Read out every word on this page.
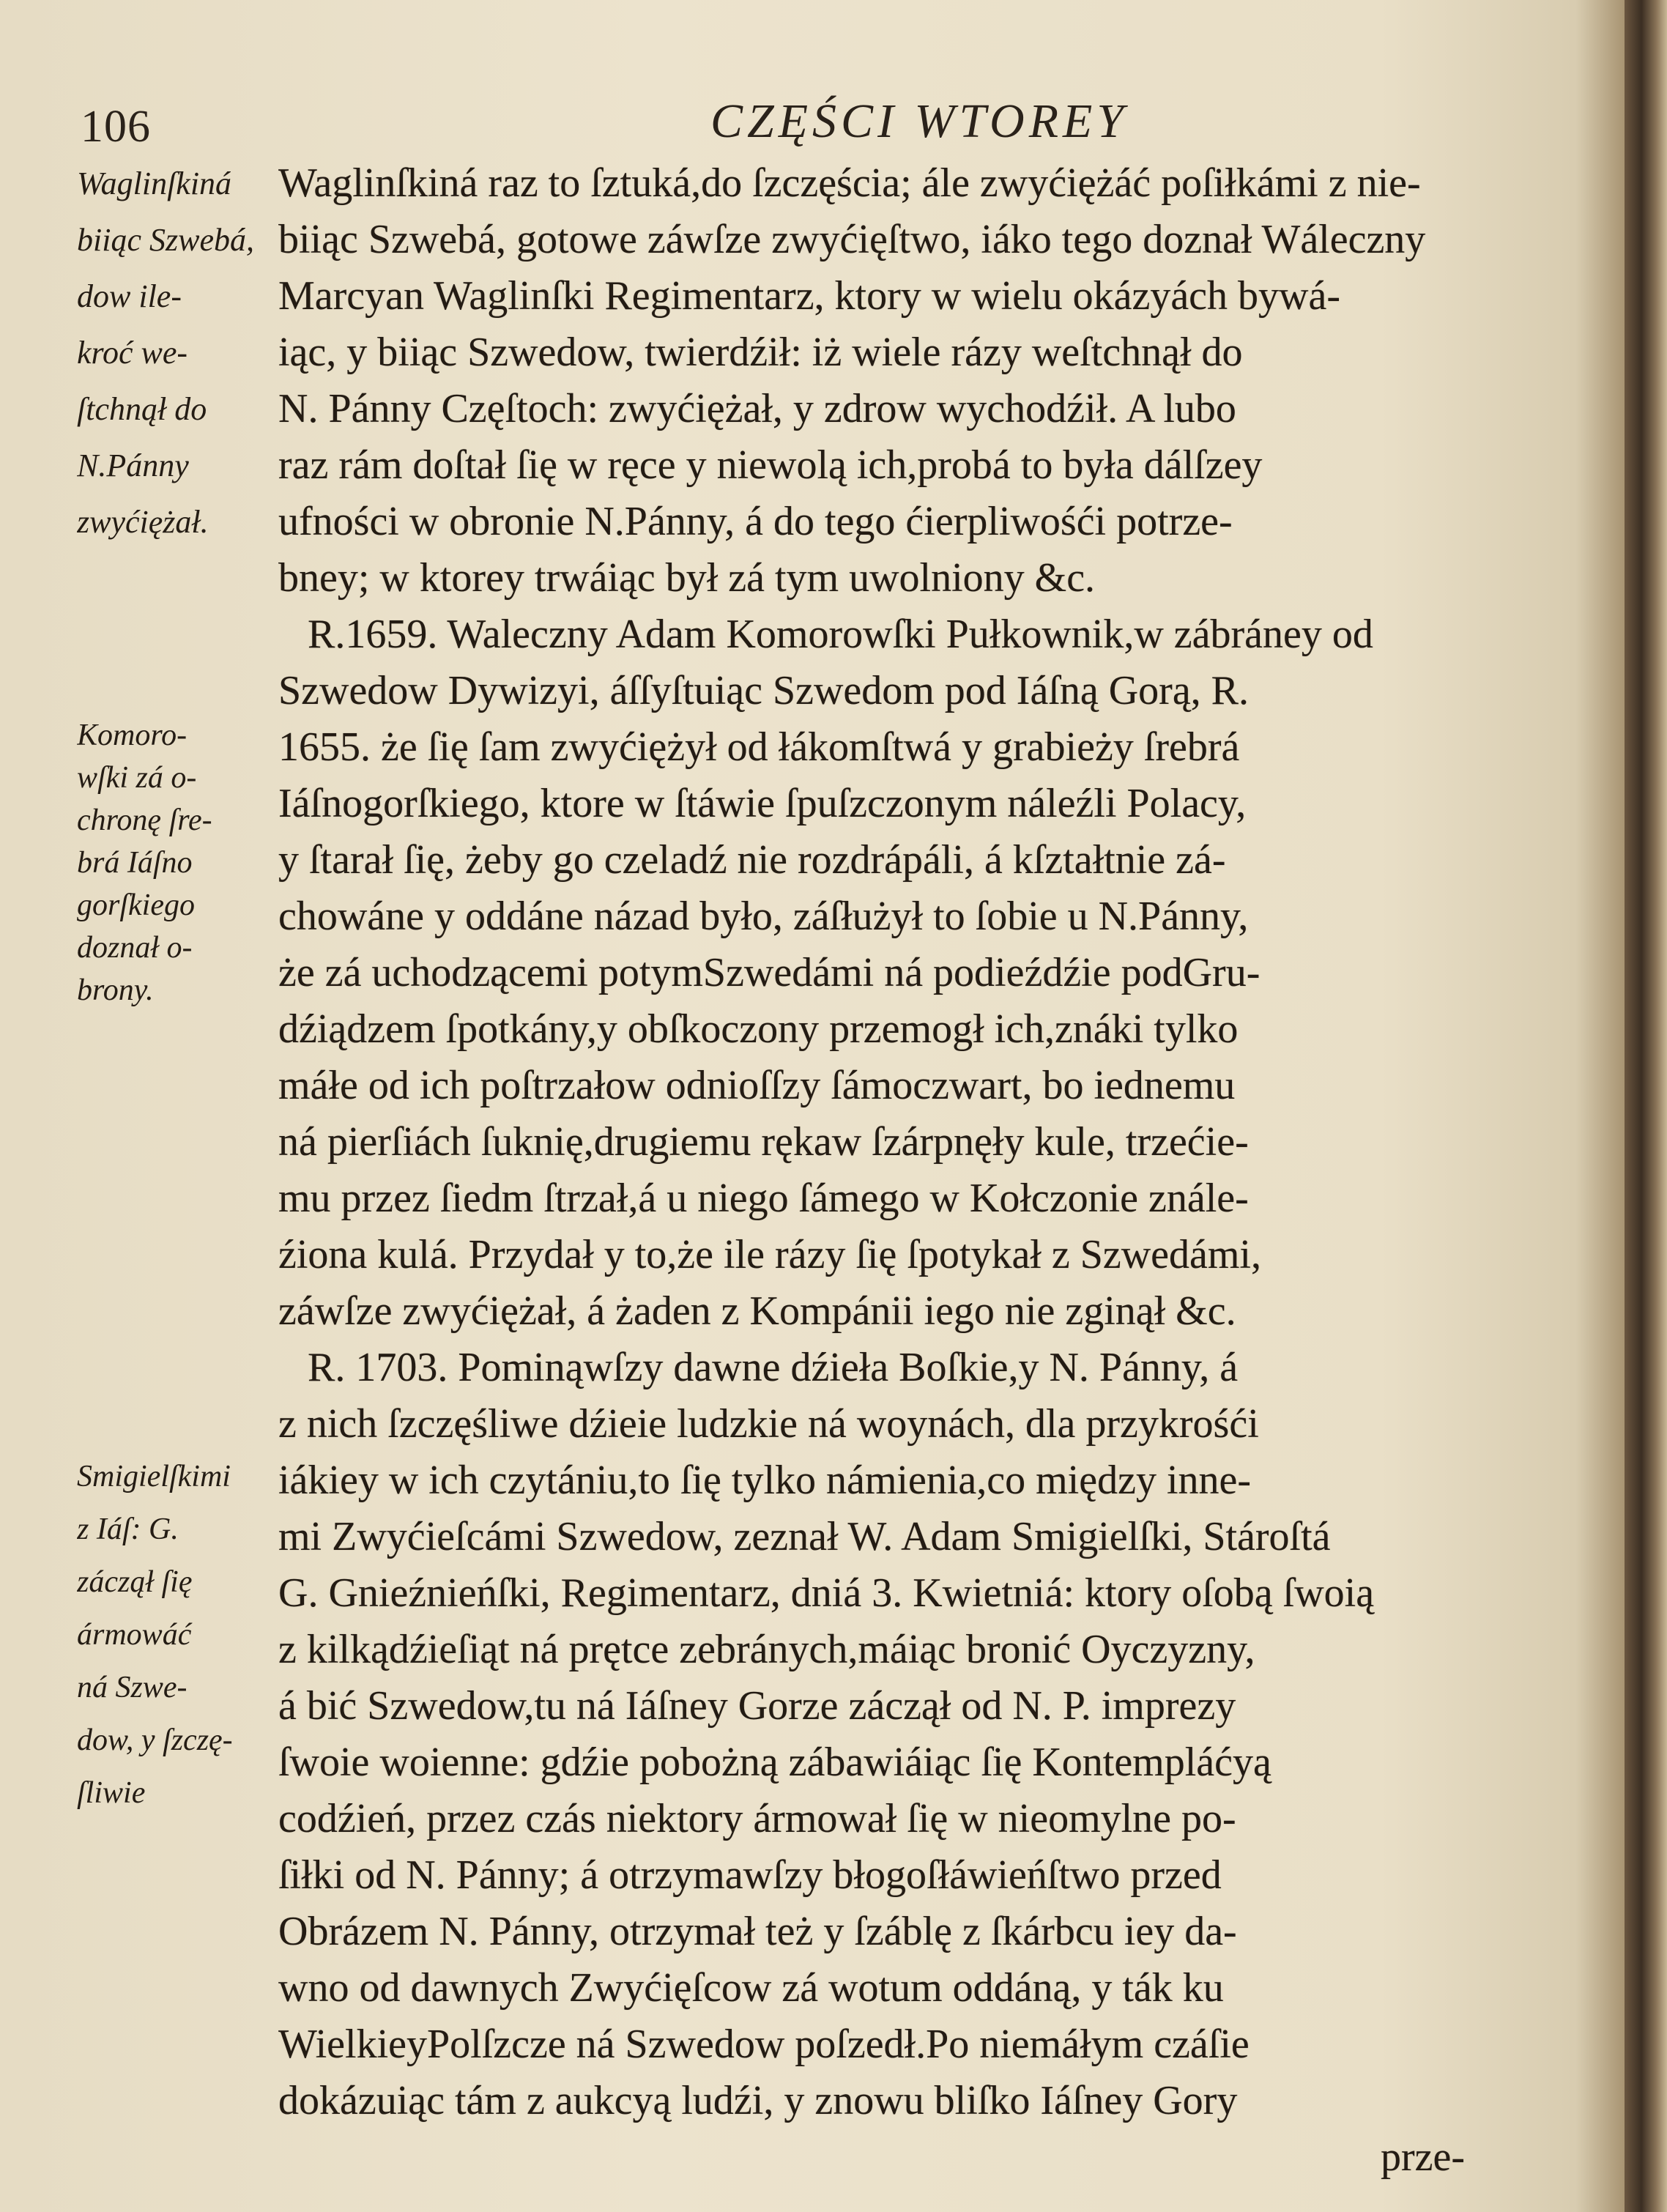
106	CZĘŚCI WTOREY
Waglinſkiná
biiąc Szwebá,
dow ile-
kroć we-
ſtchnął do
N.Pánny
zwyćiężał.
Komoro-
wſki zá o-
chronę ſre-
brá Iáſno
gorſkiego
doznał o-
brony.
Smigielſkimi
z Iáſ: G.
záczął ſię
ármowáć
ná Szwe-
dow, y ſzczę-
ſliwie
Waglinſkiná raz to ſztuká,do ſzczęścia; ále zwyćiężáć poſiłkámi z nie-
biiąc Szwebá, gotowe záwſze zwyćięſtwo, iáko tego doznał Wáleczny
Marcyan Waglinſki Regimentarz, ktory w wielu okázyách bywá-
iąc, y biiąc Szwedow, twierdźił: iż wiele rázy weſtchnął do
N. Pánny Częſtoch: zwyćiężał, y zdrow wychodźił. A lubo
raz rám doſtał ſię w ręce y niewolą ich,probá to była dálſzey
ufności w obronie N.Pánny, á do tego ćierpliwośći potrze-
bney; w ktorey trwáiąc był zá tym uwolniony &c.
R.1659. Waleczny Adam Komorowſki Pułkownik,w zábráney od
Szwedow Dywizyi, áſſyſtuiąc Szwedom pod Iáſną Gorą, R.
1655. że ſię ſam zwyćiężył od łákomſtwá y grabieży ſrebrá
Iáſnogorſkiego, ktore w ſtáwie ſpuſzczonym náleźli Polacy,
y ſtarał ſię, żeby go czeladź nie rozdrápáli, á kſztałtnie zá-
chowáne y oddáne názad było, záſłużył to ſobie u N.Pánny,
że zá uchodzącemi potymSzwedámi ná podieźdźie podGru-
dźiądzem ſpotkány,y obſkoczony przemogł ich,znáki tylko
máłe od ich poſtrzałow odnioſſzy ſámoczwart, bo iednemu
ná pierſiách ſuknię,drugiemu rękaw ſzárpnęły kule, trzećie-
mu przez ſiedm ſtrzał,á u niego ſámego w Kołczonie znále-
źiona kulá. Przydał y to,że ile rázy ſię ſpotykał z Szwedámi,
záwſze zwyćiężał, á żaden z Kompánii iego nie zginął &c.
R. 1703. Pominąwſzy dawne dźieła Boſkie,y N. Pánny, á
z nich ſzczęśliwe dźieie ludzkie ná woynách, dla przykrośći
iákiey w ich czytániu,to ſię tylko námienia,co między inne-
mi Zwyćieſcámi Szwedow, zeznał W. Adam Smigielſki, Stároſtá
G. Gnieźnieńſki, Regimentarz, dniá 3. Kwietniá: ktory oſobą ſwoią
z kilkądźieſiąt ná prętce zebránych,máiąc bronić Oyczyzny,
á bić Szwedow,tu ná Iáſney Gorze záczął od N. P. imprezy
ſwoie woienne: gdźie pobożną zábawiáiąc ſię Kontempláćyą
codźień, przez czás niektory ármował ſię w nieomylne po-
ſiłki od N. Pánny; á otrzymawſzy błogoſłáwieńſtwo przed
Obrázem N. Pánny, otrzymał też y ſzáblę z ſkárbcu iey da-
wno od dawnych Zwyćięſcow zá wotum oddáną, y ták ku
WielkieyPolſzcze ná Szwedow poſzedł.Po niemáłym czáſie
dokázuiąc tám z aukcyą ludźi, y znowu bliſko Iáſney Gory
prze-
